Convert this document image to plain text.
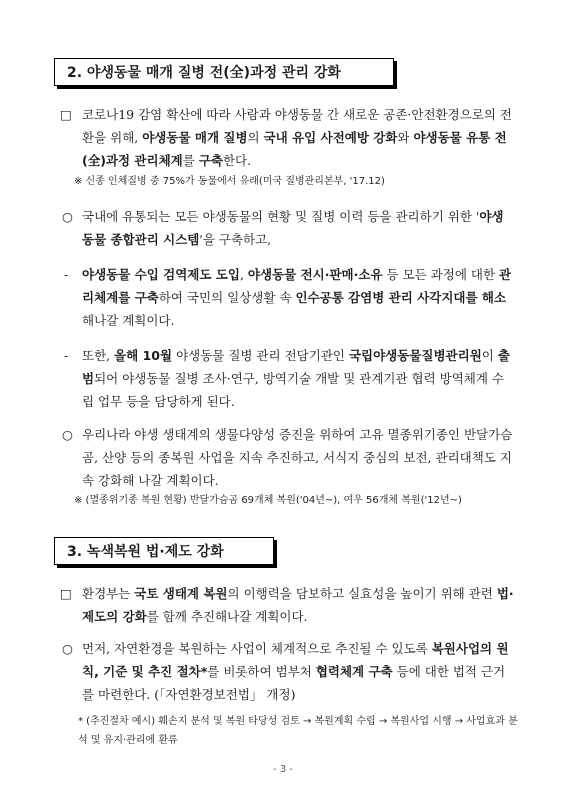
2. 야생동물 매개 질병 전(全)과정 관리 강화
□ 코로나19 감염 확산에 따라 사람과 야생동물 간 새로운 공존·안전환경으로의 전환을 위해, 야생동물 매개 질병의 국내 유입 사전예방 강화와 야생동물 유통 전(全)과정 관리체계를 구축한다.
※ 신종 인체질병 중 75%가 동물에서 유래(미국 질병관리본부, '17.12)
○ 국내에 유통되는 모든 야생동물의 현황 및 질병 이력 등을 관리하기 위한 '야생동물 종합관리 시스템'을 구축하고,
-	야생동물 수입 검역제도 도입, 야생동물 전시·판매·소유 등 모든 과정에 대한 관리체계를 구축하여 국민의 일상생활 속 인수공통 감염병 관리 사각지대를 해소해나갈 계획이다.
-	또한, 올해 10월 야생동물 질병 관리 전담기관인 국립야생동물질병관리원이 출범되어 야생동물 질병 조사·연구, 방역기술 개발 및 관계기관 협력 방역체계 수립 업무 등을 담당하게 된다.
○ 우리나라 야생 생태계의 생물다양성 증진을 위하여 고유 멸종위기종인 반달가슴곰, 산양 등의 종복원 사업을 지속 추진하고, 서식지 중심의 보전, 관리대책도 지속 강화해 나갈 계획이다.
※ (멸종위기종 복원 현황) 반달가슴곰 69개체 복원('04년~), 여우 56개체 복원('12년~)
3. 녹색복원 법·제도 강화
□ 환경부는 국토 생태계 복원의 이행력을 담보하고 실효성을 높이기 위해 관련 법·제도의 강화를 함께 추진해나갈 계획이다.
○ 먼저, 자연환경을 복원하는 사업이 체계적으로 추진될 수 있도록 복원사업의 원칙, 기준 및 추진 절차*를 비롯하여 범부처 협력체계 구축 등에 대한 법적 근거를 마련한다. (「자연환경보전법」 개정)
* (추진절차 예시) 훼손지 분석 및 복원 타당성 검토 → 복원계획 수립 → 복원사업 시행 → 사업효과 분석 및 유지·관리에 환류
- 3 -
